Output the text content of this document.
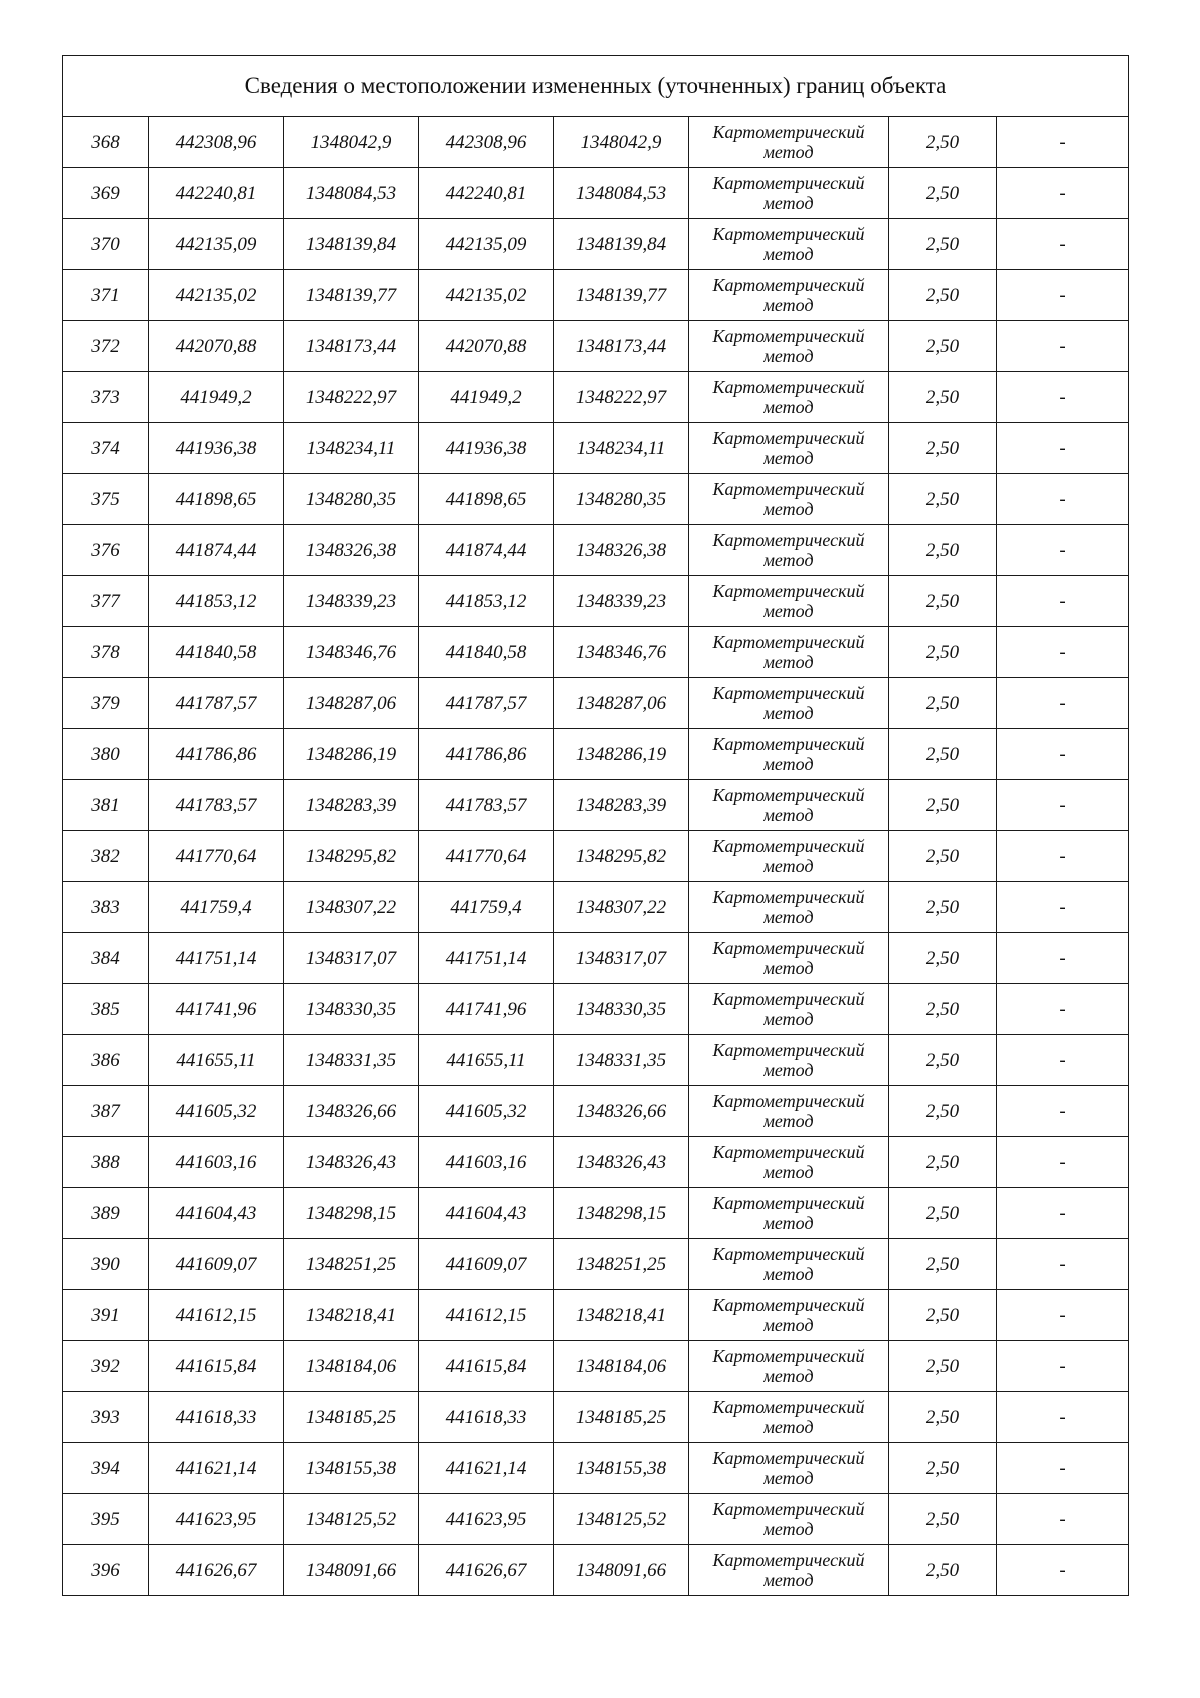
Сведения о местоположении измененных (уточненных) границ объекта							
368	442308,96	1348042,9	442308,96	1348042,9	Картометрический метод	2,50	-
369	442240,81	1348084,53	442240,81	1348084,53	Картометрический метод	2,50	-
370	442135,09	1348139,84	442135,09	1348139,84	Картометрический метод	2,50	-
371	442135,02	1348139,77	442135,02	1348139,77	Картометрический метод	2,50	-
372	442070,88	1348173,44	442070,88	1348173,44	Картометрический метод	2,50	-
373	441949,2	1348222,97	441949,2	1348222,97	Картометрический метод	2,50	-
374	441936,38	1348234,11	441936,38	1348234,11	Картометрический метод	2,50	-
375	441898,65	1348280,35	441898,65	1348280,35	Картометрический метод	2,50	-
376	441874,44	1348326,38	441874,44	1348326,38	Картометрический метод	2,50	-
377	441853,12	1348339,23	441853,12	1348339,23	Картометрический метод	2,50	-
378	441840,58	1348346,76	441840,58	1348346,76	Картометрический метод	2,50	-
379	441787,57	1348287,06	441787,57	1348287,06	Картометрический метод	2,50	-
380	441786,86	1348286,19	441786,86	1348286,19	Картометрический метод	2,50	-
381	441783,57	1348283,39	441783,57	1348283,39	Картометрический метод	2,50	-
382	441770,64	1348295,82	441770,64	1348295,82	Картометрический метод	2,50	-
383	441759,4	1348307,22	441759,4	1348307,22	Картометрический метод	2,50	-
384	441751,14	1348317,07	441751,14	1348317,07	Картометрический метод	2,50	-
385	441741,96	1348330,35	441741,96	1348330,35	Картометрический метод	2,50	-
386	441655,11	1348331,35	441655,11	1348331,35	Картометрический метод	2,50	-
387	441605,32	1348326,66	441605,32	1348326,66	Картометрический метод	2,50	-
388	441603,16	1348326,43	441603,16	1348326,43	Картометрический метод	2,50	-
389	441604,43	1348298,15	441604,43	1348298,15	Картометрический метод	2,50	-
390	441609,07	1348251,25	441609,07	1348251,25	Картометрический метод	2,50	-
391	441612,15	1348218,41	441612,15	1348218,41	Картометрический метод	2,50	-
392	441615,84	1348184,06	441615,84	1348184,06	Картометрический метод	2,50	-
393	441618,33	1348185,25	441618,33	1348185,25	Картометрический метод	2,50	-
394	441621,14	1348155,38	441621,14	1348155,38	Картометрический метод	2,50	-
395	441623,95	1348125,52	441623,95	1348125,52	Картометрический метод	2,50	-
396	441626,67	1348091,66	441626,67	1348091,66	Картометрический метод	2,50	-
